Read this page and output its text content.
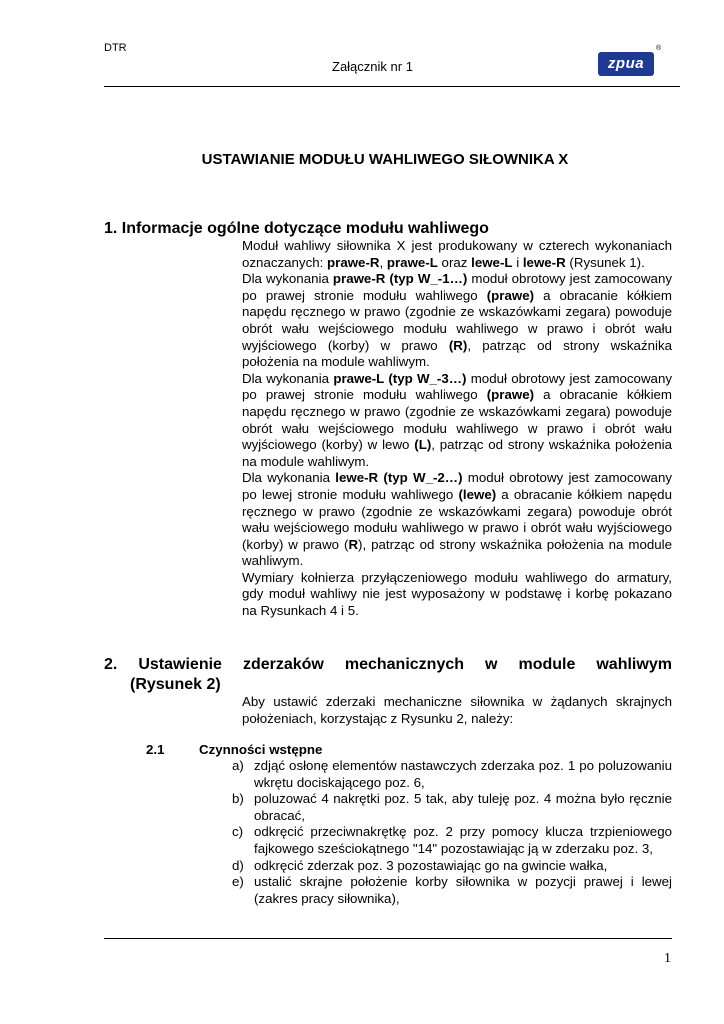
DTR
Załącznik nr 1	zpua
®
USTAWIANIE MODUŁU WAHLIWEGO SIŁOWNIKA X
1. Informacje ogólne dotyczące modułu wahliwego

Moduł wahliwy siłownika X jest produkowany w czterech wykonaniach oznaczanych: prawe-R, prawe-L oraz lewe-L i lewe-R (Rysunek 1).

Dla wykonania prawe-R (typ W_-1…) moduł obrotowy jest zamocowany po prawej stronie modułu wahliwego (prawe) a obracanie kółkiem napędu ręcznego w prawo (zgodnie ze wskazówkami zegara) powoduje obrót wału wejściowego modułu wahliwego w prawo i obrót wału wyjściowego (korby) w prawo (R), patrząc od strony wskaźnika położenia na module wahliwym.

Dla wykonania prawe-L (typ W_-3…) moduł obrotowy jest zamocowany po prawej stronie modułu wahliwego (prawe) a obracanie kółkiem napędu ręcznego w prawo (zgodnie ze wskazówkami zegara) powoduje obrót wału wejściowego modułu wahliwego w prawo i obrót wału wyjściowego (korby) w lewo (L), patrząc od strony wskaźnika położenia na module wahliwym.

Dla wykonania lewe-R (typ W_-2…) moduł obrotowy jest zamocowany po lewej stronie modułu wahliwego (lewe) a obracanie kółkiem napędu ręcznego w prawo (zgodnie ze wskazówkami zegara) powoduje obrót wału wejściowego modułu wahliwego w prawo i obrót wału wyjściowego (korby) w prawo (R), patrząc od strony wskaźnika położenia na module wahliwym.

Wymiary kołnierza przyłączeniowego modułu wahliwego do armatury, gdy moduł wahliwy nie jest wyposażony w podstawę i korbę pokazano na Rysunkach 4 i 5.

2. Ustawienie zderzaków mechanicznych w module wahliwym
(Rysunek 2)
Aby ustawić zderzaki mechaniczne siłownika w żądanych skrajnych położeniach, korzystając z Rysunku 2, należy:
2.1	Czynności wstępne
a) zdjąć osłonę elementów nastawczych zderzaka poz. 1 po poluzowaniu wkrętu dociskającego poz. 6,
b) poluzować 4 nakrętki poz. 5 tak, aby tuleję poz. 4 można było ręcznie obracać,
c) odkręcić przeciwnakrętkę poz. 2 przy pomocy klucza trzpieniowego fajkowego sześciokątnego "14" pozostawiając ją w zderzaku poz. 3,
d) odkręcić zderzak poz. 3 pozostawiając go na gwincie wałka,
e) ustalić skrajne położenie korby siłownika w pozycji prawej i lewej (zakres pracy siłownika),
1
